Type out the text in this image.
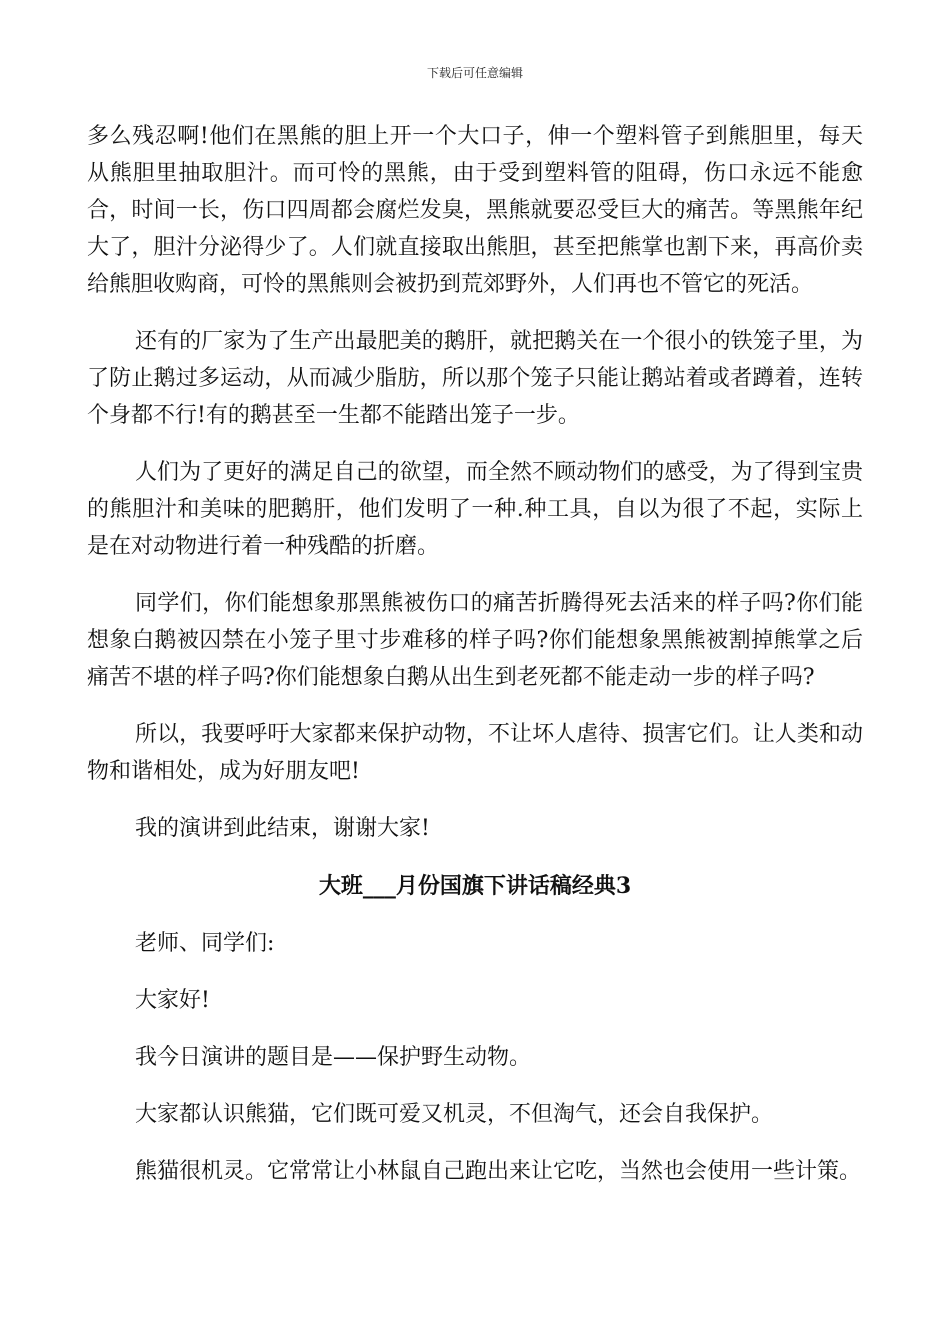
下载后可任意编辑

多么残忍啊!他们在黑熊的胆上开一个大口子，伸一个塑料管子到熊胆里，每天从熊胆里抽取胆汁。而可怜的黑熊，由于受到塑料管的阻碍，伤口永远不能愈合，时间一长，伤口四周都会腐烂发臭，黑熊就要忍受巨大的痛苦。等黑熊年纪大了，胆汁分泌得少了。人们就直接取出熊胆，甚至把熊掌也割下来，再高价卖给熊胆收购商，可怜的黑熊则会被扔到荒郊野外，人们再也不管它的死活。

还有的厂家为了生产出最肥美的鹅肝，就把鹅关在一个很小的铁笼子里，为了防止鹅过多运动，从而减少脂肪，所以那个笼子只能让鹅站着或者蹲着，连转个身都不行!有的鹅甚至一生都不能踏出笼子一步。

人们为了更好的满足自己的欲望，而全然不顾动物们的感受，为了得到宝贵的熊胆汁和美味的肥鹅肝，他们发明了一种.种工具，自以为很了不起，实际上是在对动物进行着一种残酷的折磨。

同学们，你们能想象那黑熊被伤口的痛苦折腾得死去活来的样子吗?你们能想象白鹅被囚禁在小笼子里寸步难移的样子吗?你们能想象黑熊被割掉熊掌之后痛苦不堪的样子吗?你们能想象白鹅从出生到老死都不能走动一步的样子吗?

所以，我要呼吁大家都来保护动物，不让坏人虐待、损害它们。让人类和动物和谐相处，成为好朋友吧!

我的演讲到此结束，谢谢大家!

大班___月份国旗下讲话稿经典3

老师、同学们:

大家好!

我今日演讲的题目是——保护野生动物。

大家都认识熊猫，它们既可爱又机灵，不但淘气，还会自我保护。

熊猫很机灵。它常常让小林鼠自己跑出来让它吃，当然也会使用一些计策。
